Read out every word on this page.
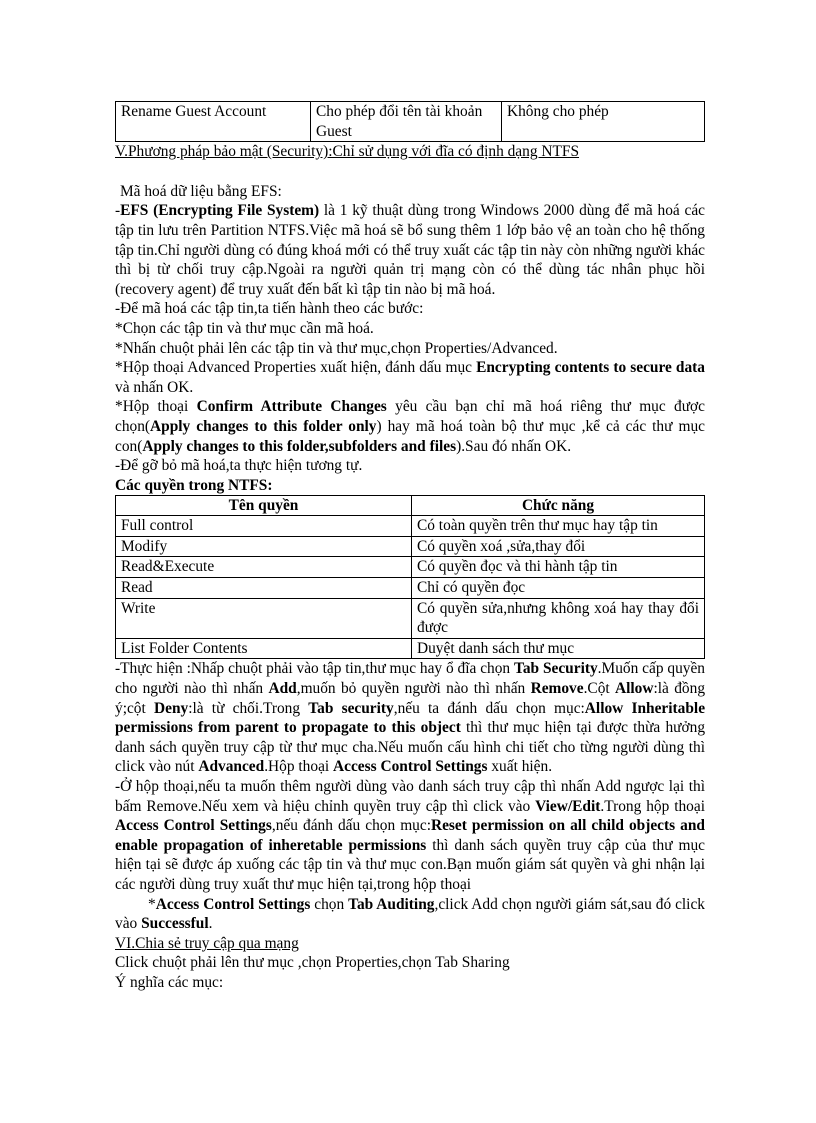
Rename Guest Account	Cho phép đổi tên tài khoản Guest	Không cho phép

V.Phương pháp bảo mật (Security):Chỉ sử dụng với đĩa có định dạng NTFS

Mã hoá dữ liệu bằng EFS:

-EFS (Encrypting File System) là 1 kỹ thuật dùng trong Windows 2000 dùng để mã hoá các tập tin lưu trên Partition NTFS.Việc mã hoá sẽ bổ sung thêm 1 lớp bảo vệ an toàn cho hệ thống tập tin.Chỉ người dùng có đúng khoá mới có thể truy xuất các tập tin này còn những người khác thì bị từ chối truy cập.Ngoài ra người quản trị mạng còn có thể dùng tác nhân phục hồi (recovery agent) để truy xuất đến bất kì tập tin nào bị mã hoá.

-Để mã hoá các tập tin,ta tiến hành theo các bước:

*Chọn các tập tin và thư mục cần mã hoá.

*Nhấn chuột phải lên các tập tin và thư mục,chọn Properties/Advanced.

*Hộp thoại Advanced Properties xuất hiện, đánh dấu mục Encrypting contents to secure data và nhấn OK.

*Hộp thoại Confirm Attribute Changes yêu cầu bạn chỉ mã hoá riêng thư mục được chọn(Apply changes to this folder only) hay mã hoá toàn bộ thư mục ,kể cả các thư mục con(Apply changes to this folder,subfolders and files).Sau đó nhấn OK.

-Để gỡ bỏ mã hoá,ta thực hiện tương tự.

Các quyền trong NTFS:

Tên quyền	Chức năng
Full control	Có toàn quyền trên thư mục hay tập tin
Modify	Có quyền xoá ,sửa,thay đổi
Read&Execute	Có quyền đọc và thi hành tập tin
Read	Chỉ có quyền đọc
Write	Có quyền sửa,nhưng không xoá hay thay đổi được
List Folder Contents	Duyệt danh sách thư mục

-Thực hiện :Nhấp chuột phải vào tập tin,thư mục hay ổ đĩa chọn Tab Security.Muốn cấp quyền cho người nào thì nhấn Add,muốn bỏ quyền người nào thì nhấn Remove.Cột Allow:là đồng ý;cột Deny:là từ chối.Trong Tab security,nếu ta đánh dấu chọn mục:Allow Inheritable permissions from parent to propagate to this object thì thư mục hiện tại được thừa hưởng danh sách quyền truy cập từ thư mục cha.Nếu muốn cấu hình chi tiết cho từng người dùng thì click vào nút Advanced.Hộp thoại Access Control Settings xuất hiện.

-Ở hộp thoại,nếu ta muốn thêm người dùng vào danh sách truy cập thì nhấn Add ngược lại thì bấm Remove.Nếu xem và hiệu chỉnh quyền truy cập thì click vào View/Edit.Trong hộp thoại Access Control Settings,nếu đánh dấu chọn mục:Reset permission on all child objects and enable propagation of inheretable permissions thì danh sách quyền truy cập của thư mục hiện tại sẽ được áp xuống các tập tin và thư mục con.Bạn muốn giám sát quyền và ghi nhận lại các người dùng truy xuất thư mục hiện tại,trong hộp thoại

*Access Control Settings chọn Tab Auditing,click Add chọn người giám sát,sau đó click vào Successful.

VI.Chia sẻ truy cập qua mạng

Click chuột phải lên thư mục ,chọn Properties,chọn Tab Sharing

Ý nghĩa các mục:
